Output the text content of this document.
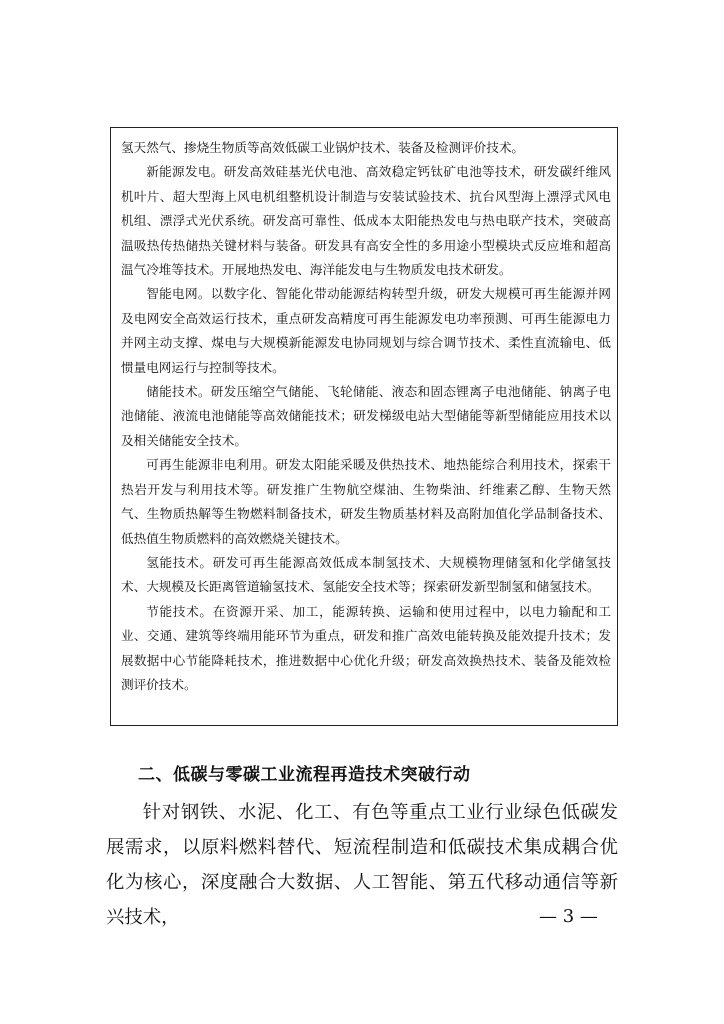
氢天然气、掺烧生物质等高效低碳工业锅炉技术、装备及检测评价技术。

新能源发电。研发高效硅基光伏电池、高效稳定钙钛矿电池等技术，研发碳纤维风机叶片、超大型海上风电机组整机设计制造与安装试验技术、抗台风型海上漂浮式风电机组、漂浮式光伏系统。研发高可靠性、低成本太阳能热发电与热电联产技术，突破高温吸热传热储热关键材料与装备。研发具有高安全性的多用途小型模块式反应堆和超高温气冷堆等技术。开展地热发电、海洋能发电与生物质发电技术研发。

智能电网。以数字化、智能化带动能源结构转型升级，研发大规模可再生能源并网及电网安全高效运行技术，重点研发高精度可再生能源发电功率预测、可再生能源电力并网主动支撑、煤电与大规模新能源发电协同规划与综合调节技术、柔性直流输电、低惯量电网运行与控制等技术。

储能技术。研发压缩空气储能、飞轮储能、液态和固态锂离子电池储能、钠离子电池储能、液流电池储能等高效储能技术；研发梯级电站大型储能等新型储能应用技术以及相关储能安全技术。

可再生能源非电利用。研发太阳能采暖及供热技术、地热能综合利用技术，探索干热岩开发与利用技术等。研发推广生物航空煤油、生物柴油、纤维素乙醇、生物天然气、生物质热解等生物燃料制备技术，研发生物质基材料及高附加值化学品制备技术、低热值生物质燃料的高效燃烧关键技术。

氢能技术。研发可再生能源高效低成本制氢技术、大规模物理储氢和化学储氢技术、大规模及长距离管道输氢技术、氢能安全技术等；探索研发新型制氢和储氢技术。

节能技术。在资源开采、加工，能源转换、运输和使用过程中，以电力输配和工业、交通、建筑等终端用能环节为重点，研发和推广高效电能转换及能效提升技术；发展数据中心节能降耗技术，推进数据中心优化升级；研发高效换热技术、装备及能效检测评价技术。

二、低碳与零碳工业流程再造技术突破行动

针对钢铁、水泥、化工、有色等重点工业行业绿色低碳发展需求，以原料燃料替代、短流程制造和低碳技术集成耦合优化为核心，深度融合大数据、人工智能、第五代移动通信等新兴技术，	— 3 —
